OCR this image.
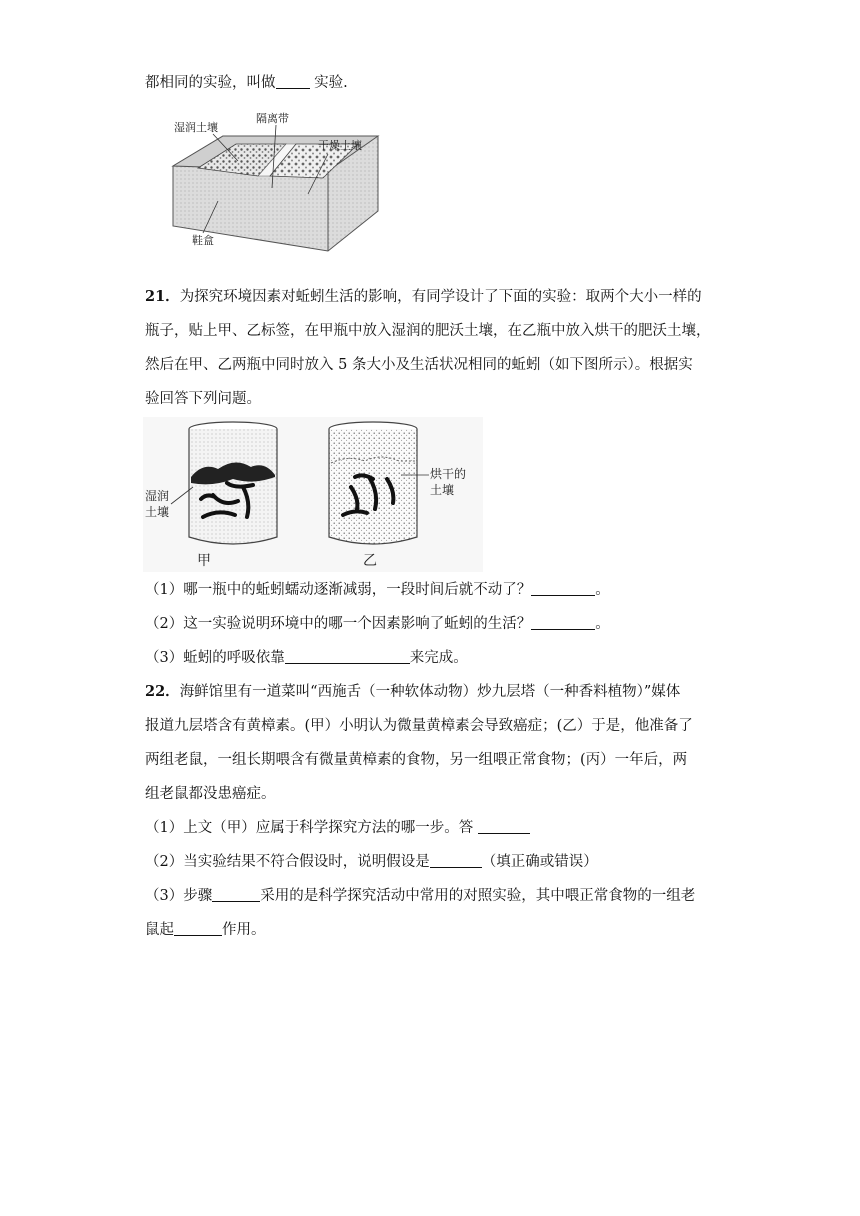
都相同的实验，叫做 实验.
湿润土壤
隔离带
干燥土壤
鞋盒
21．为探究环境因素对蚯蚓生活的影响，有同学设计了下面的实验：取两个大小一样的
瓶子，贴上甲、乙标签，在甲瓶中放入湿润的肥沃土壤，在乙瓶中放入烘干的肥沃土壤，
然后在甲、乙两瓶中同时放入 5 条大小及生活状况相同的蚯蚓（如下图所示）。根据实
验回答下列问题。
湿润
土壤
甲
烘干的
土壤
乙
（1）哪一瓶中的蚯蚓蠕动逐渐减弱，一段时间后就不动了？	。
（2）这一实验说明环境中的哪一个因素影响了蚯蚓的生活？	。
（3）蚯蚓的呼吸依靠	来完成。
22．海鲜馆里有一道菜叫“西施舌（一种软体动物）炒九层塔（一种香料植物）”媒体
报道九层塔含有黄樟素。(甲）小明认为微量黄樟素会导致癌症；(乙）于是，他准备了
两组老鼠，一组长期喂含有微量黄樟素的食物，另一组喂正常食物；(丙）一年后，两
组老鼠都没患癌症。
（1）上文（甲）应属于科学探究方法的哪一步。答
（2）当实验结果不符合假设时，说明假设是	（填正确或错误）
（3）步骤	采用的是科学探究活动中常用的对照实验，其中喂正常食物的一组老
鼠起	作用。
